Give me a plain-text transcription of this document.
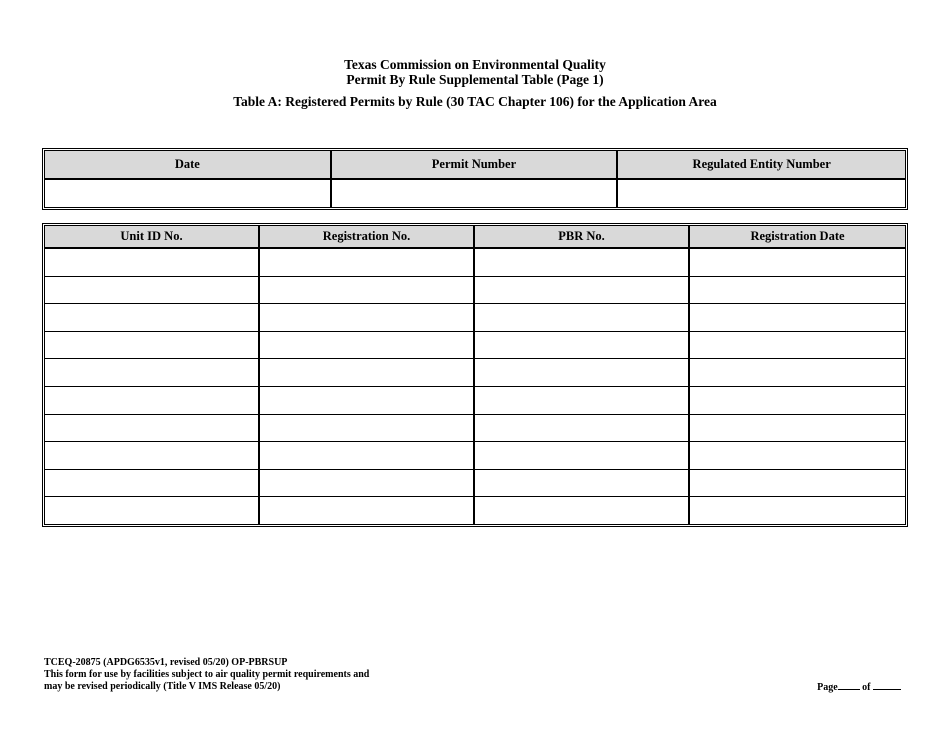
Texas Commission on Environmental Quality
Permit By Rule Supplemental Table (Page 1)
Table A: Registered Permits by Rule (30 TAC Chapter 106) for the Application Area
Date	Permit Number	Regulated Entity Number

Unit ID No.	Registration No.	PBR No.	Registration Date

TCEQ-20875 (APDG6535v1, revised 05/20) OP-PBRSUP
This form for use by facilities subject to air quality permit requirements and
may be revised periodically (Title V IMS Release 05/20)	Page of
